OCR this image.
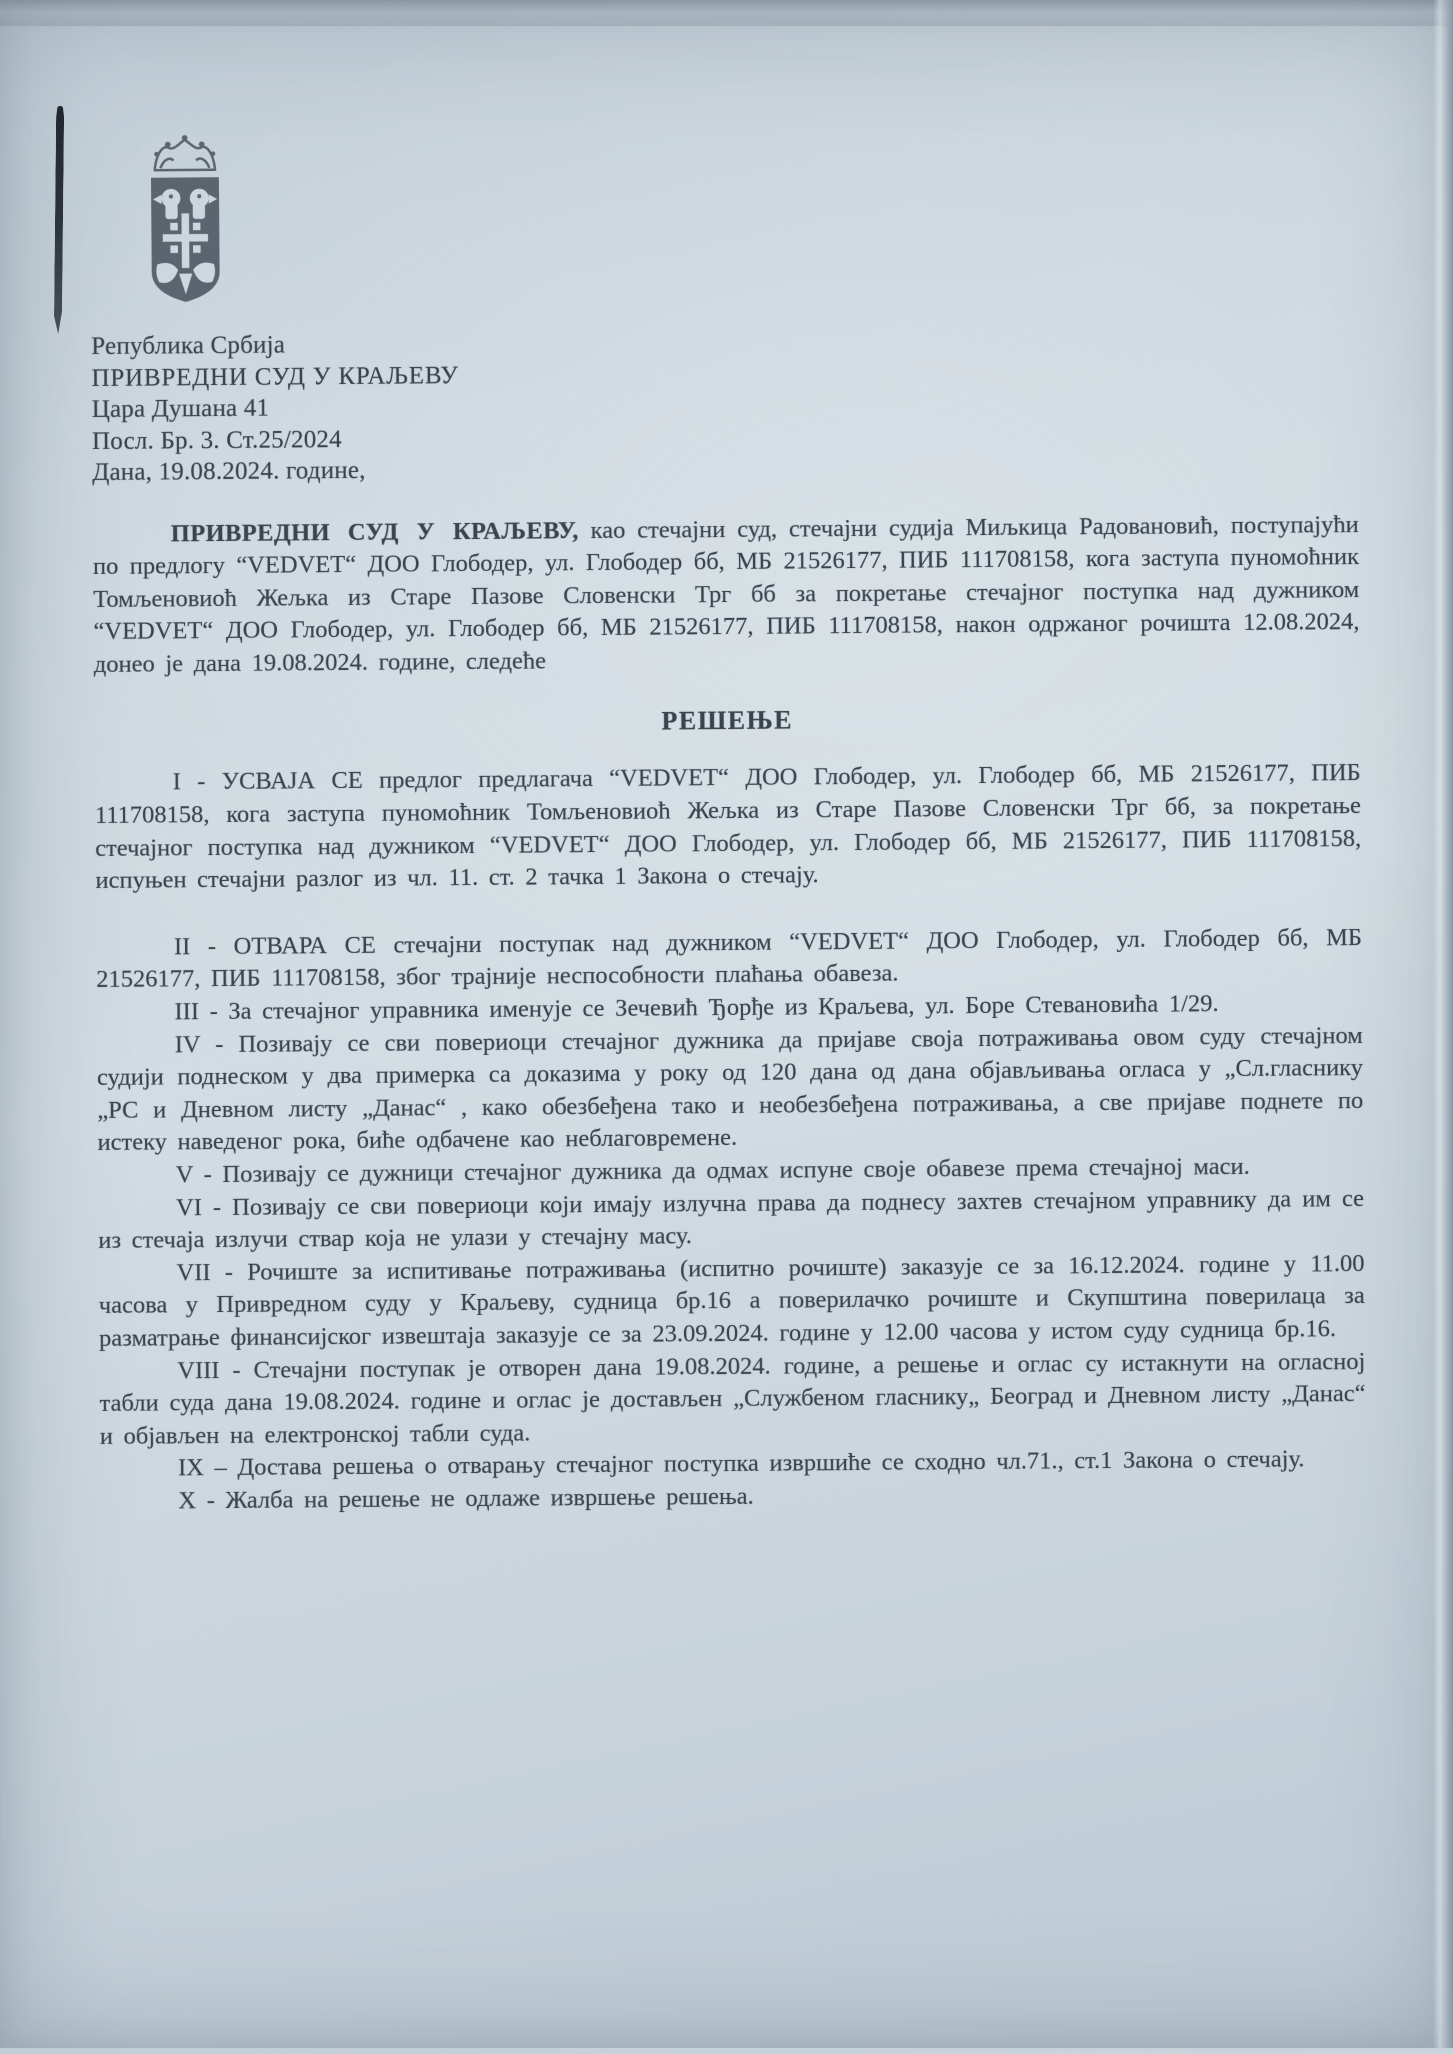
Република Србија

ПРИВРЕДНИ СУД У КРАЉЕВУ

Цара Душана 41

Посл. Бр. 3. Ст.25/2024

Дана, 19.08.2024. године,

ПРИВРЕДНИ СУД У КРАЉЕВУ, као стечајни суд, стечајни судија Миљкица Радовановић, поступајући по предлогу “VEDVET“ ДОО Глободер, ул. Глободер бб, МБ 21526177, ПИБ 111708158, кога заступа пуномоћник Томљеновиоћ Жељка из Старе Пазове Словенски Трг бб за покретање стечајног поступка над дужником “VEDVET“ ДОО Глободер, ул. Глободер бб, МБ 21526177, ПИБ 111708158, након одржаног рочишта 12.08.2024, донео је дана 19.08.2024. године, следеће

РЕШЕЊЕ

I - УСВАЈА СЕ предлог предлагача “VEDVET“ ДОО Глободер, ул. Глободер бб, МБ 21526177, ПИБ 111708158, кога заступа пуномоћник Томљеновиоћ Жељка из Старе Пазове Словенски Трг бб, за покретање стечајног поступка над дужником “VEDVET“ ДОО Глободер, ул. Глободер бб, МБ 21526177, ПИБ 111708158, испуњен стечајни разлог из чл. 11. ст. 2 тачка 1 Закона о стечају.

II - ОТВАРА СЕ стечајни поступак над дужником “VEDVET“ ДОО Глободер, ул. Глободер бб, МБ 21526177, ПИБ 111708158, због трајније неспособности плаћања обавеза.

III - За стечајног управника именује се Зечевић Ђорђе из Краљева, ул. Боре Стевановића 1/29.

IV - Позивају се сви повериоци стечајног дужника да пријаве своја потраживања овом суду стечајном судији поднеском у два примерка са доказима у року од 120 дана од дана објављивања огласа у „Сл.гласнику „РС и Дневном листу „Данас“ , како обезбеђена тако и необезбеђена потраживања, а све пријаве поднете по истеку наведеног рока, биће одбачене као неблаговремене.

V - Позивају се дужници стечајног дужника да одмах испуне своје обавезе према стечајној маси.

VI - Позивају се сви повериоци који имају излучна права да поднесу захтев стечајном управнику да им се из стечаја излучи ствар која не улази у стечајну масу.

VII - Рочиште за испитивање потраживања (испитно рочиште) заказује се за 16.12.2024. године у 11.00 часова у Привредном суду у Краљеву, судница бр.16 а поверилачко рочиште и Скупштина поверилаца за разматрање финансијског извештаја заказује се за 23.09.2024. године у 12.00 часова у истом суду судница бр.16.

VIII - Стечајни поступак је отворен дана 19.08.2024. године, а решење и оглас су истакнути на огласној табли суда дана 19.08.2024. године и оглас је достављен „Службеном гласнику„ Београд и Дневном листу „Данас“ и објављен на електронској табли суда.

IX – Достава решења о отварању стечајног поступка извршиће се сходно чл.71., ст.1 Закона о стечају.

X - Жалба на решење не одлаже извршење решења.
